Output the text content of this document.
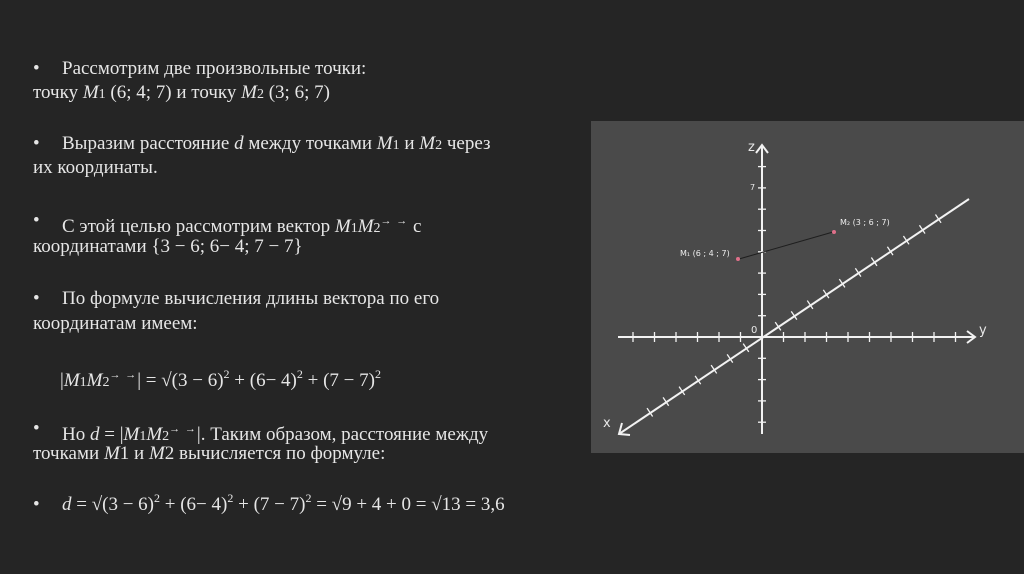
• Рассмотрим две произвольные точки:
точку M1 (6; 4; 7) и точку M2 (3; 6; 7)
• Выразим расстояние d между точками M1 и M2 через
их координаты.
• С этой целью рассмотрим вектор M1M2→ → с
координатами {3 − 6; 6− 4; 7 − 7}
• По формуле вычисления длины вектора по его
координатам имеем:
$|M1M2^{\to \to}| = √(3 - 6)^2 + (6- 4)^2 + (7 - 7)^2$
• Но d = |M1M2→ →|. Таким образом, расстояние между
точками M1 и M2 вычисляется по формуле:
• $d = √(3 - 6)^2 + (6- 4)^2 + (7 - 7)^2 = √9 + 4 + 0 = √13 = 3,6$
z
y
x
0
7
M₁ (6 ; 4 ; 7)
M₂ (3 ; 6 ; 7)
